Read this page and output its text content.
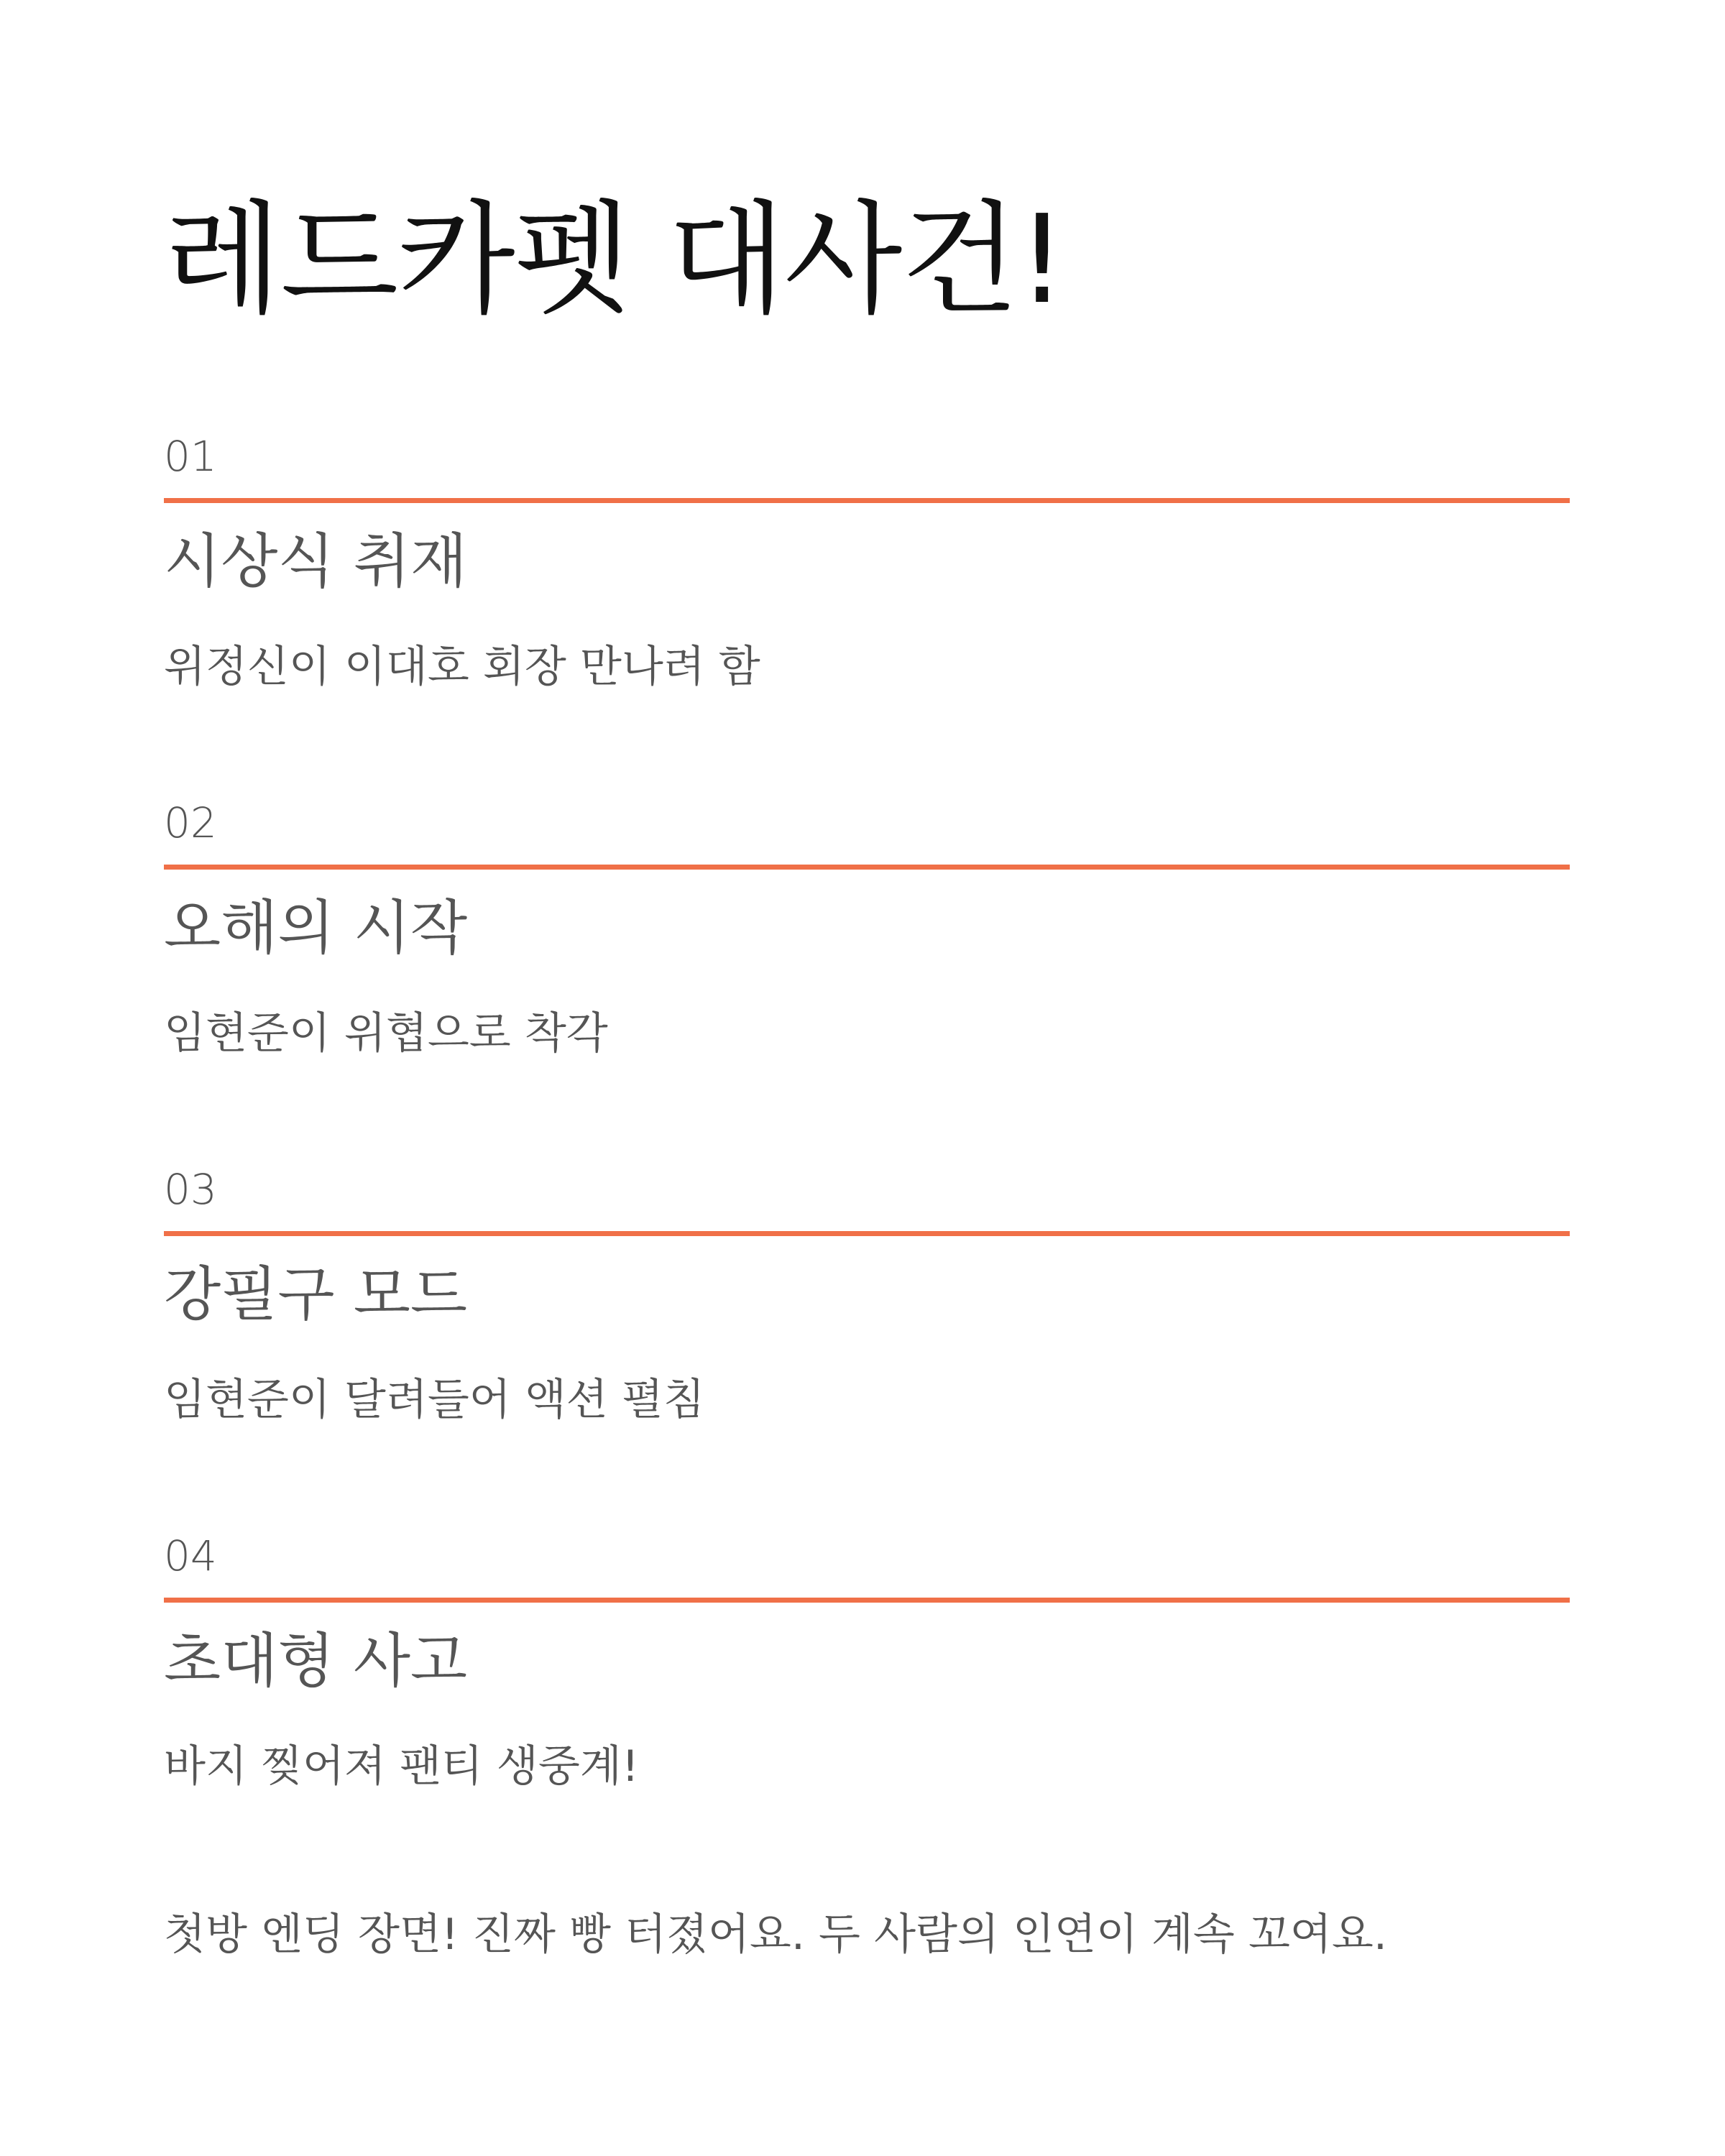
레드카펫 대사건!
01
시상식 취재
위정신이 이대호 회장 만나려 함
02
오해의 시작
임현준이 위협으로 착각
03
강필구 모드
임현준이 달려들어 액션 펼침
04
초대형 사고
바지 찢어져 팬티 생중계!
첫방 엔딩 장면! 진짜 빵 터졌어요. 두 사람의 인연이 계속 꼬여요.
